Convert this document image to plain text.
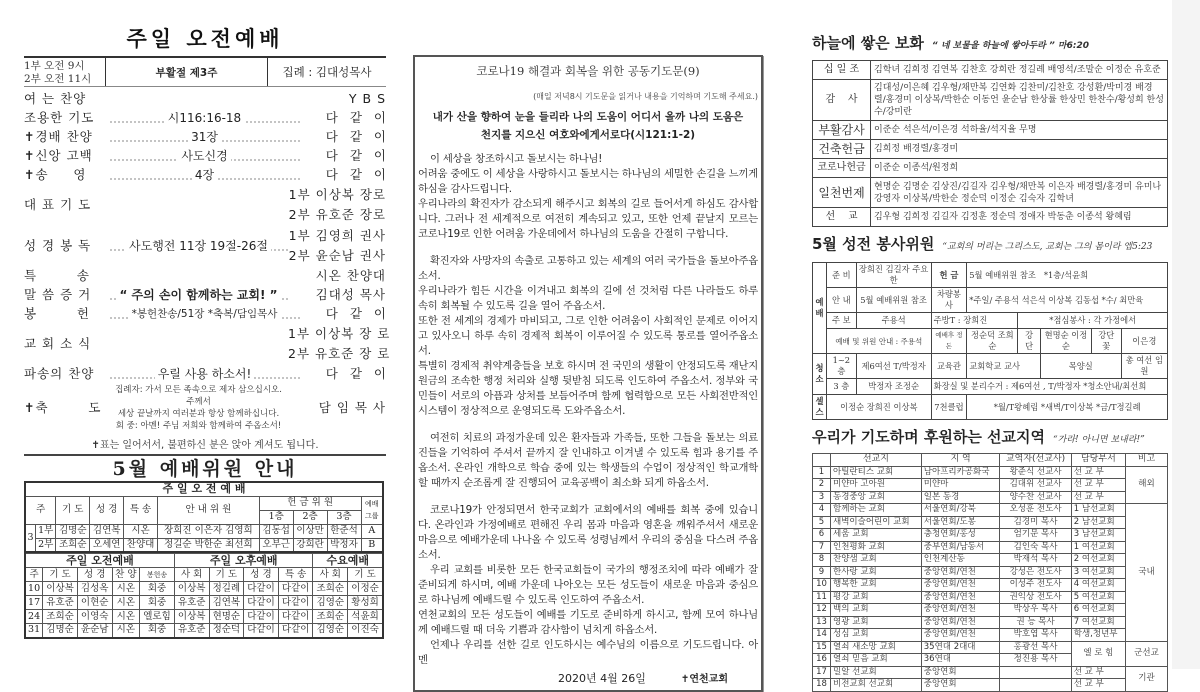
주일 오전예배
1부 오전 9시
2부 오전 11시
부활절 제3주	집례 : 김대성목사
여 는 찬양	Y B S
조용한 기도	시116:16-18	다같이
✝경배 찬양	31장	다같이
✝신앙 고백	사도신경	다같이
✝송     영	4장	다같이
대 표 기 도
1부 이상복 장로
2부 유호준 장로
성 경 봉 독	사도행전 11장 19절-26절
1부 김영희 권사
2부 윤순남 권사
특        송	시온 찬양대
말 씀 증 거	“ 주의 손이 함께하는 교회! ”	김대성 목사
봉        헌	*봉헌찬송/51장 *축복/담임목사	다같이
교 회 소 식
1부 이상복 장 로
2부 유호준 장 로
파송의 찬양	우릴 사용 하소서!	다같이
✝축        도
집례자: 가서 모든 족속으로 제자 삼으십시오. 주께서
세상 끝날까지 여러분과 항상 함께하십니다.
회 중: 아멘! 주님 저희와 함께하여 주옵소서!
담 임 목 사
✝표는 일어서서, 불편하신 분은 앉아 계셔도 됩니다.
5월 예배위원 안내
주 일 오 전 예 배									
주		기 도	성 경	특 송	안 내 위 원	헌 금 위 원			예배그룹
						1층	2층	3층	
3	1부	김명순	김연복	시온	장희진 이은자 김영희	김동섭	이상만	한준석	A
	2부	조희순	오세연	찬양대	정길순 박한순 최선희	오부근	강희란	박정자	B
주일 오전예배					주일 오후예배				수요예배	
주	기 도	성 경	찬 양	봉헌송	사 회	기 도	성 경	특 송	사 회	기 도
10	이상복	김성옥	시온	회중	이상복	정길례	다같이	다같이	조희순	이정순
17	유호준	이현순	시온	회중	유호준	김연복	다같이	다같이	김영순	황성희
24	조희순	이영숙	시온	엘로힘	이상복	현명순	다같이	다같이	조희순	석윤희
31	김명순	윤순남	시온	회중	유호준	정순덕	다같이	다같이	김영순	이진숙
코로나19 해결과 회복을 위한 공동기도문(9)
(매일 저녁8시 기도문을 읽거나 내용을 기억하며 기도해 주세요.)
내가 산을 향하여 눈을 들리라 나의 도움이 어디서 올까 나의 도움은
천지를 지으신 여호와에게서로다(시121:1-2)

이 세상을 창조하시고 돌보시는 하나님!

어려움 중에도 이 세상을 사랑하시고 돌보시는 하나님의 세밀한 손길을 느끼게 하심을 감사드립니다.

우리나라의 확진자가 감소되게 해주시고 회복의 길로 들어서게 하심도 감사합니다. 그러나 전 세계적으로 여전히 계속되고 있고, 또한 언제 끝날지 모르는 코로나19로 인한 어려움 가운데에서 하나님의 도움을 간절히 구합니다.

확진자와 사망자의 속출로 고통하고 있는 세계의 여러 국가들을 돌보아주옵소서.

우리나라가 힘든 시간을 이겨내고 회복의 길에 선 것처럼 다른 나라들도 하루 속히 회복될 수 있도록 길을 열어 주옵소서.

또한 전 세계의 경제가 마비되고, 그로 인한 어려움이 사회적인 문제로 이어지고 있사오니 하루 속히 경제적 회복이 이루어질 수 있도록 통로를 열어주옵소서.

특별히 경제적 취약계층들을 보호 하시며 전 국민의 생활이 안정되도록 재난지원금의 조속한 행정 처리와 실행 뒷받침 되도록 인도하여 주옵소서. 정부와 국민들이 서로의 아픔과 상처를 보듬어주며 함께 협력함으로 모든 사회전반적인 시스템이 정상적으로 운영되도록 도와주옵소서.

여전히 치료의 과정가운데 있은 환자들과 가족들, 또한 그들을 돌보는 의료진들을 기억하여 주셔서 끝까지 잘 인내하고 이겨낼 수 있도록 힘과 용기를 주옵소서. 온라인 개학으로 학습 중에 있는 학생들의 수업이 정상적인 학교개학 할 때까지 순조롭게 잘 진행되어 교육공백이 최소화 되게 하옵소서.

코로나19가 안정되면서 한국교회가 교회에서의 예배를 회복 중에 있습니다. 온라인과 가정예배로 편해진 우리 몸과 마음과 영혼을 깨워주셔서 새로운 마음으로 예배가운데 나나올 수 있도록 성령님께서 우리의 중심을 다스려 주옵소서.

우리 교회를 비롯한 모든 한국교회들이 국가의 행정조치에 따라 예배가 잘 준비되게 하시며, 예배 가운데 나아오는 모든 성도들이 새로운 마음과 중심으로 하나님께 예배드릴 수 있도록 인도하여 주옵소서.

연천교회의 모든 성도들이 예배를 기도로 준비하게 하시고, 함께 모여 하나님께 예배드릴 때 더욱 기쁨과 감사함이 넘치게 하옵소서.

언제나 우리를 선한 길로 인도하시는 예수님의 이름으로 기도드립니다. 아멘

2020년 4월 26일	✝연천교회
하늘에 쌓은 보화 “ 네 보물을 하늘에 쌓아두라 ” 마6:20
십 일 조	김학녀 김희정 김연복 김찬호 강희란 정길례 배영석/조말순 이정순 유호준
감    사	김대성/이은혜 김우형/채만복 김연화 김찬미/김찬호 강성환/박미경 배경렬/홍경미 이상복/박한순 이동언 윤순남 한상률 한상민 한찬수/황성희 한성수/강미란
부활감사	이준순 석은석/이은경 석하율/석지율 무명
건축헌금	김희정 배경렬/홍경미
코로나헌금	이준순 이종석/원정희
일천번제	현명순 김명순 김상진/김길자 김우형/채만복 이은자 배경렬/홍경미 유미나 강영자 이상복/박한순 정순덕 이정순 김숙자 김학녀
선    교	김우형 김희정 김길자 김정훈 정순덕 정애자 박동춘 이종석 왕혜림
5월 성전 봉사위원 “교회의 머리는 그리스도, 교회는 그의 몸이라 엡5:23
예 배	준 비	장희진 김길자 주요한	헌 금	5월 예배위원 참조 *1층/석윤희				
	안 내	5월 예배위원 참조	차량봉사	*주일/ 주용석 석은석 이상복 김동섭 *수/ 최만육				
	주 보	주용석	주방T : 장희진		*점심봉사 : 각 가정에서			
	예배 및 위원 안내 : 주용석		예배후 정돈	정순덕 조희순	강 단	현명순 이정순	강단 꽃	이은경
청 소	1~2층	제6여선 T/박정자	교육관	교회학교 교사		목양실		총 여선 임원
	3 층	박정자 조정순	화장실 및 분리수거 : 제6여선 , T/박정자 *청소안내/최선희					
셀스	이정순 장희진 이상복		7천클럽	*월/T왕혜림 *새벽/T이상복 *금/T정길례				
우리가 기도하며 후원하는 선교지역 “가라! 아니면 보내라!”
	선교지	지 역	교역자(선교사)	담당부서	비고
1	아틸란티스 교회	남아프리카공화국	왕준식 선교사	선 교 부	해외
2	미얀마 고아원	미얀마	김대위 선교사	선 교 부	
3	동경중앙 교회	일본 동경	양수찬 선교사	선 교 부	
4	함께하는 교회	서울연회/강북	오성훈 전도사	1 남선교회	국내
5	새벽이슬어린이 교회	서울연회/도봉	김경미 목사	2 남선교회	
6	세움 교회	충청연회/홍성	엄기문 목사	3 남선교회	
7	인천평화 교회	중부연회/남동서	김인숙 목사	1 여선교회	
8	찬양샘 교회	인천계산동	박재석 목사	2 여선교회	
9	한사랑 교회	중앙연회/연천	강성은 전도사	3 여선교회	
10	행복한 교회	중앙연회/연천	이성주 전도사	4 여선교회	
11	평강 교회	중앙연회/연천	권익상 전도사	5 여선교회	
12	백의 교회	중앙연회/연천	박상우 목사	6 여선교회	
13	영광 교회	중앙연회/연천	권 능 목사	7 여선교회	
14	성심 교회	중앙연회/연천	박호엽 목사	학생,청년부	
15	열쇠 새소망 교회	35연대 2대대	홍광선 목사	엘 로 힘	군선교
16	열쇠 믿음 교회	36연대	정진용 목사		
17	밀알 선교회	중앙연회		선 교 부	기관
18	비전교회 선교회	중앙연회		선 교 부	
